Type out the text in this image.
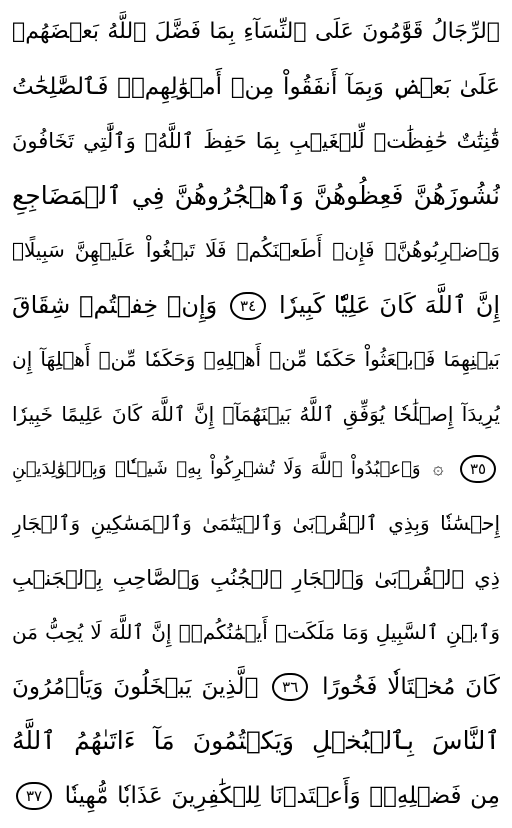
ٱلرِّجَالُ قَوَّٰمُونَ عَلَى ٱلنِّسَآءِ بِمَا فَضَّلَ ٱللَّهُ بَعۡضَهُمۡ
عَلَىٰ بَعۡضٖ وَبِمَآ أَنفَقُواْ مِنۡ أَمۡوَٰلِهِمۡۚ فَٱلصَّٰلِحَٰتُ
قَٰنِتَٰتٌ حَٰفِظَٰتٞ لِّلۡغَيۡبِ بِمَا حَفِظَ ٱللَّهُۚ وَٱلَّٰتِي تَخَافُونَ
نُشُوزَهُنَّ فَعِظُوهُنَّ وَٱهۡجُرُوهُنَّ فِي ٱلۡمَضَاجِعِ
وَٱضۡرِبُوهُنَّۖ فَإِنۡ أَطَعۡنَكُمۡ فَلَا تَبۡغُواْ عَلَيۡهِنَّ سَبِيلًاۗ
إِنَّ ٱللَّهَ كَانَ عَلِيّٗا كَبِيرٗا ٣٤ وَإِنۡ خِفۡتُمۡ شِقَاقَ
بَيۡنِهِمَا فَٱبۡعَثُواْ حَكَمٗا مِّنۡ أَهۡلِهِۦ وَحَكَمٗا مِّنۡ أَهۡلِهَآ إِن
يُرِيدَآ إِصۡلَٰحٗا يُوَفِّقِ ٱللَّهُ بَيۡنَهُمَآۗ إِنَّ ٱللَّهَ كَانَ عَلِيمًا خَبِيرٗا
٣٥ ۞ وَٱعۡبُدُواْ ٱللَّهَ وَلَا تُشۡرِكُواْ بِهِۦ شَيۡـٔٗاۖ وَبِٱلۡوَٰلِدَيۡنِ
إِحۡسَٰنٗا وَبِذِي ٱلۡقُرۡبَىٰ وَٱلۡيَتَٰمَىٰ وَٱلۡمَسَٰكِينِ وَٱلۡجَارِ
ذِي ٱلۡقُرۡبَىٰ وَٱلۡجَارِ ٱلۡجُنُبِ وَٱلصَّاحِبِ بِٱلۡجَنۢبِ
وَٱبۡنِ ٱلسَّبِيلِ وَمَا مَلَكَتۡ أَيۡمَٰنُكُمۡۗ إِنَّ ٱللَّهَ لَا يُحِبُّ مَن
كَانَ مُخۡتَالٗا فَخُورًا ٣٦ ٱلَّذِينَ يَبۡخَلُونَ وَيَأۡمُرُونَ
ٱلنَّاسَ بِٱلۡبُخۡلِ وَيَكۡتُمُونَ مَآ ءَاتَىٰهُمُ ٱللَّهُ
مِن فَضۡلِهِۦۗ وَأَعۡتَدۡنَا لِلۡكَٰفِرِينَ عَذَابٗا مُّهِينٗا ٣٧
